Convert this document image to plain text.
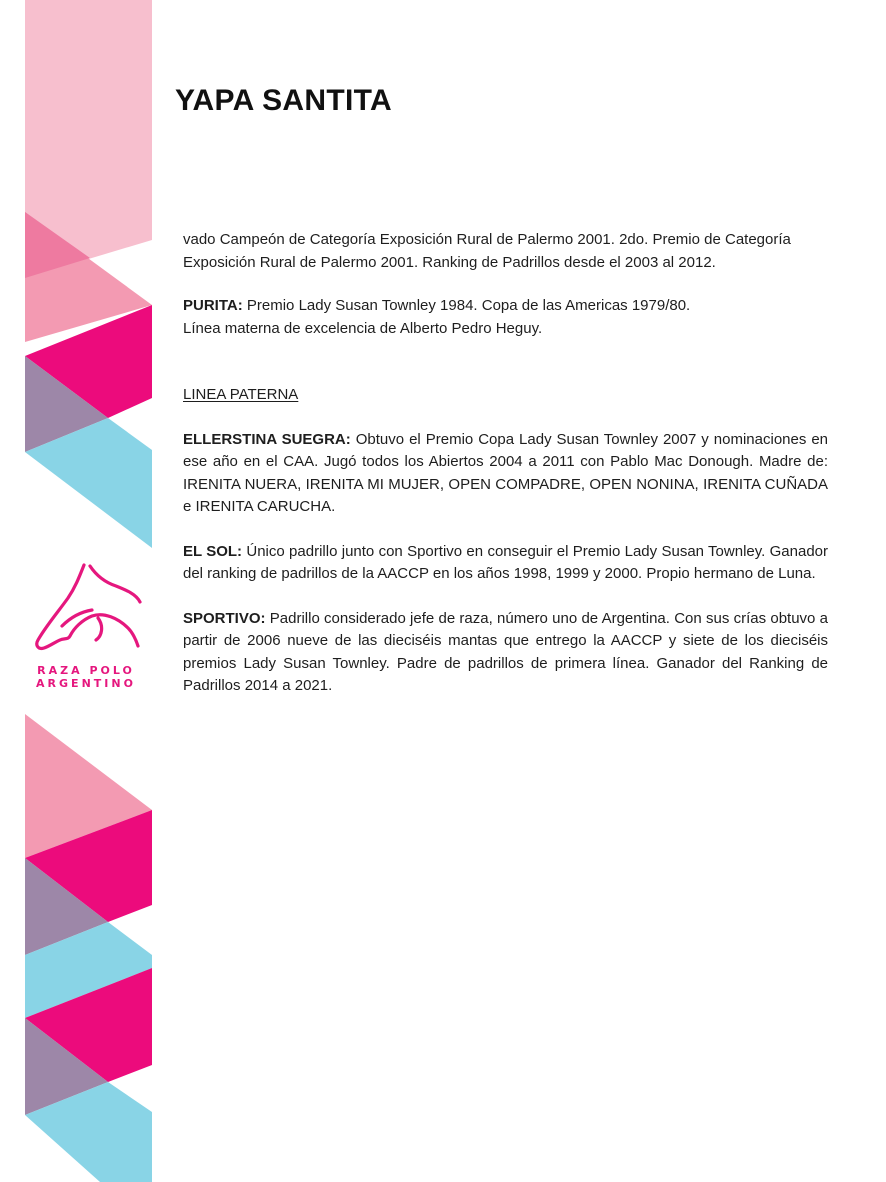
RAZA POLO
ARGENTINO
YAPA SANTITA

vado Campeón de Categoría Exposición Rural de Palermo 2001. 2do. Premio de Categoría
Exposición Rural de Palermo 2001. Ranking de Padrillos desde el 2003 al 2012.

PURITA: Premio Lady Susan Townley 1984. Copa de las Americas 1979/80.
Línea materna de excelencia de Alberto Pedro Heguy.

LINEA PATERNA

ELLERSTINA SUEGRA: Obtuvo el Premio Copa Lady Susan Townley 2007 y nominaciones en ese año en el CAA. Jugó todos los Abiertos 2004 a 2011 con Pablo Mac Donough. Madre de: IRENITA NUERA, IRENITA MI MUJER, OPEN COMPADRE, OPEN NONINA, IRENITA CUÑADA e IRENITA CARUCHA.

EL SOL: Único padrillo junto con Sportivo en conseguir el Premio Lady Susan Townley. Ganador del ranking de padrillos de la AACCP en los años 1998, 1999 y 2000. Propio hermano de Luna.

SPORTIVO: Padrillo considerado jefe de raza, número uno de Argentina. Con sus crías obtuvo a partir de 2006 nueve de las dieciséis mantas que entrego la AACCP y siete de los dieciséis premios Lady Susan Townley. Padre de padrillos de primera línea. Ganador del Ranking de Padrillos 2014 a 2021.
